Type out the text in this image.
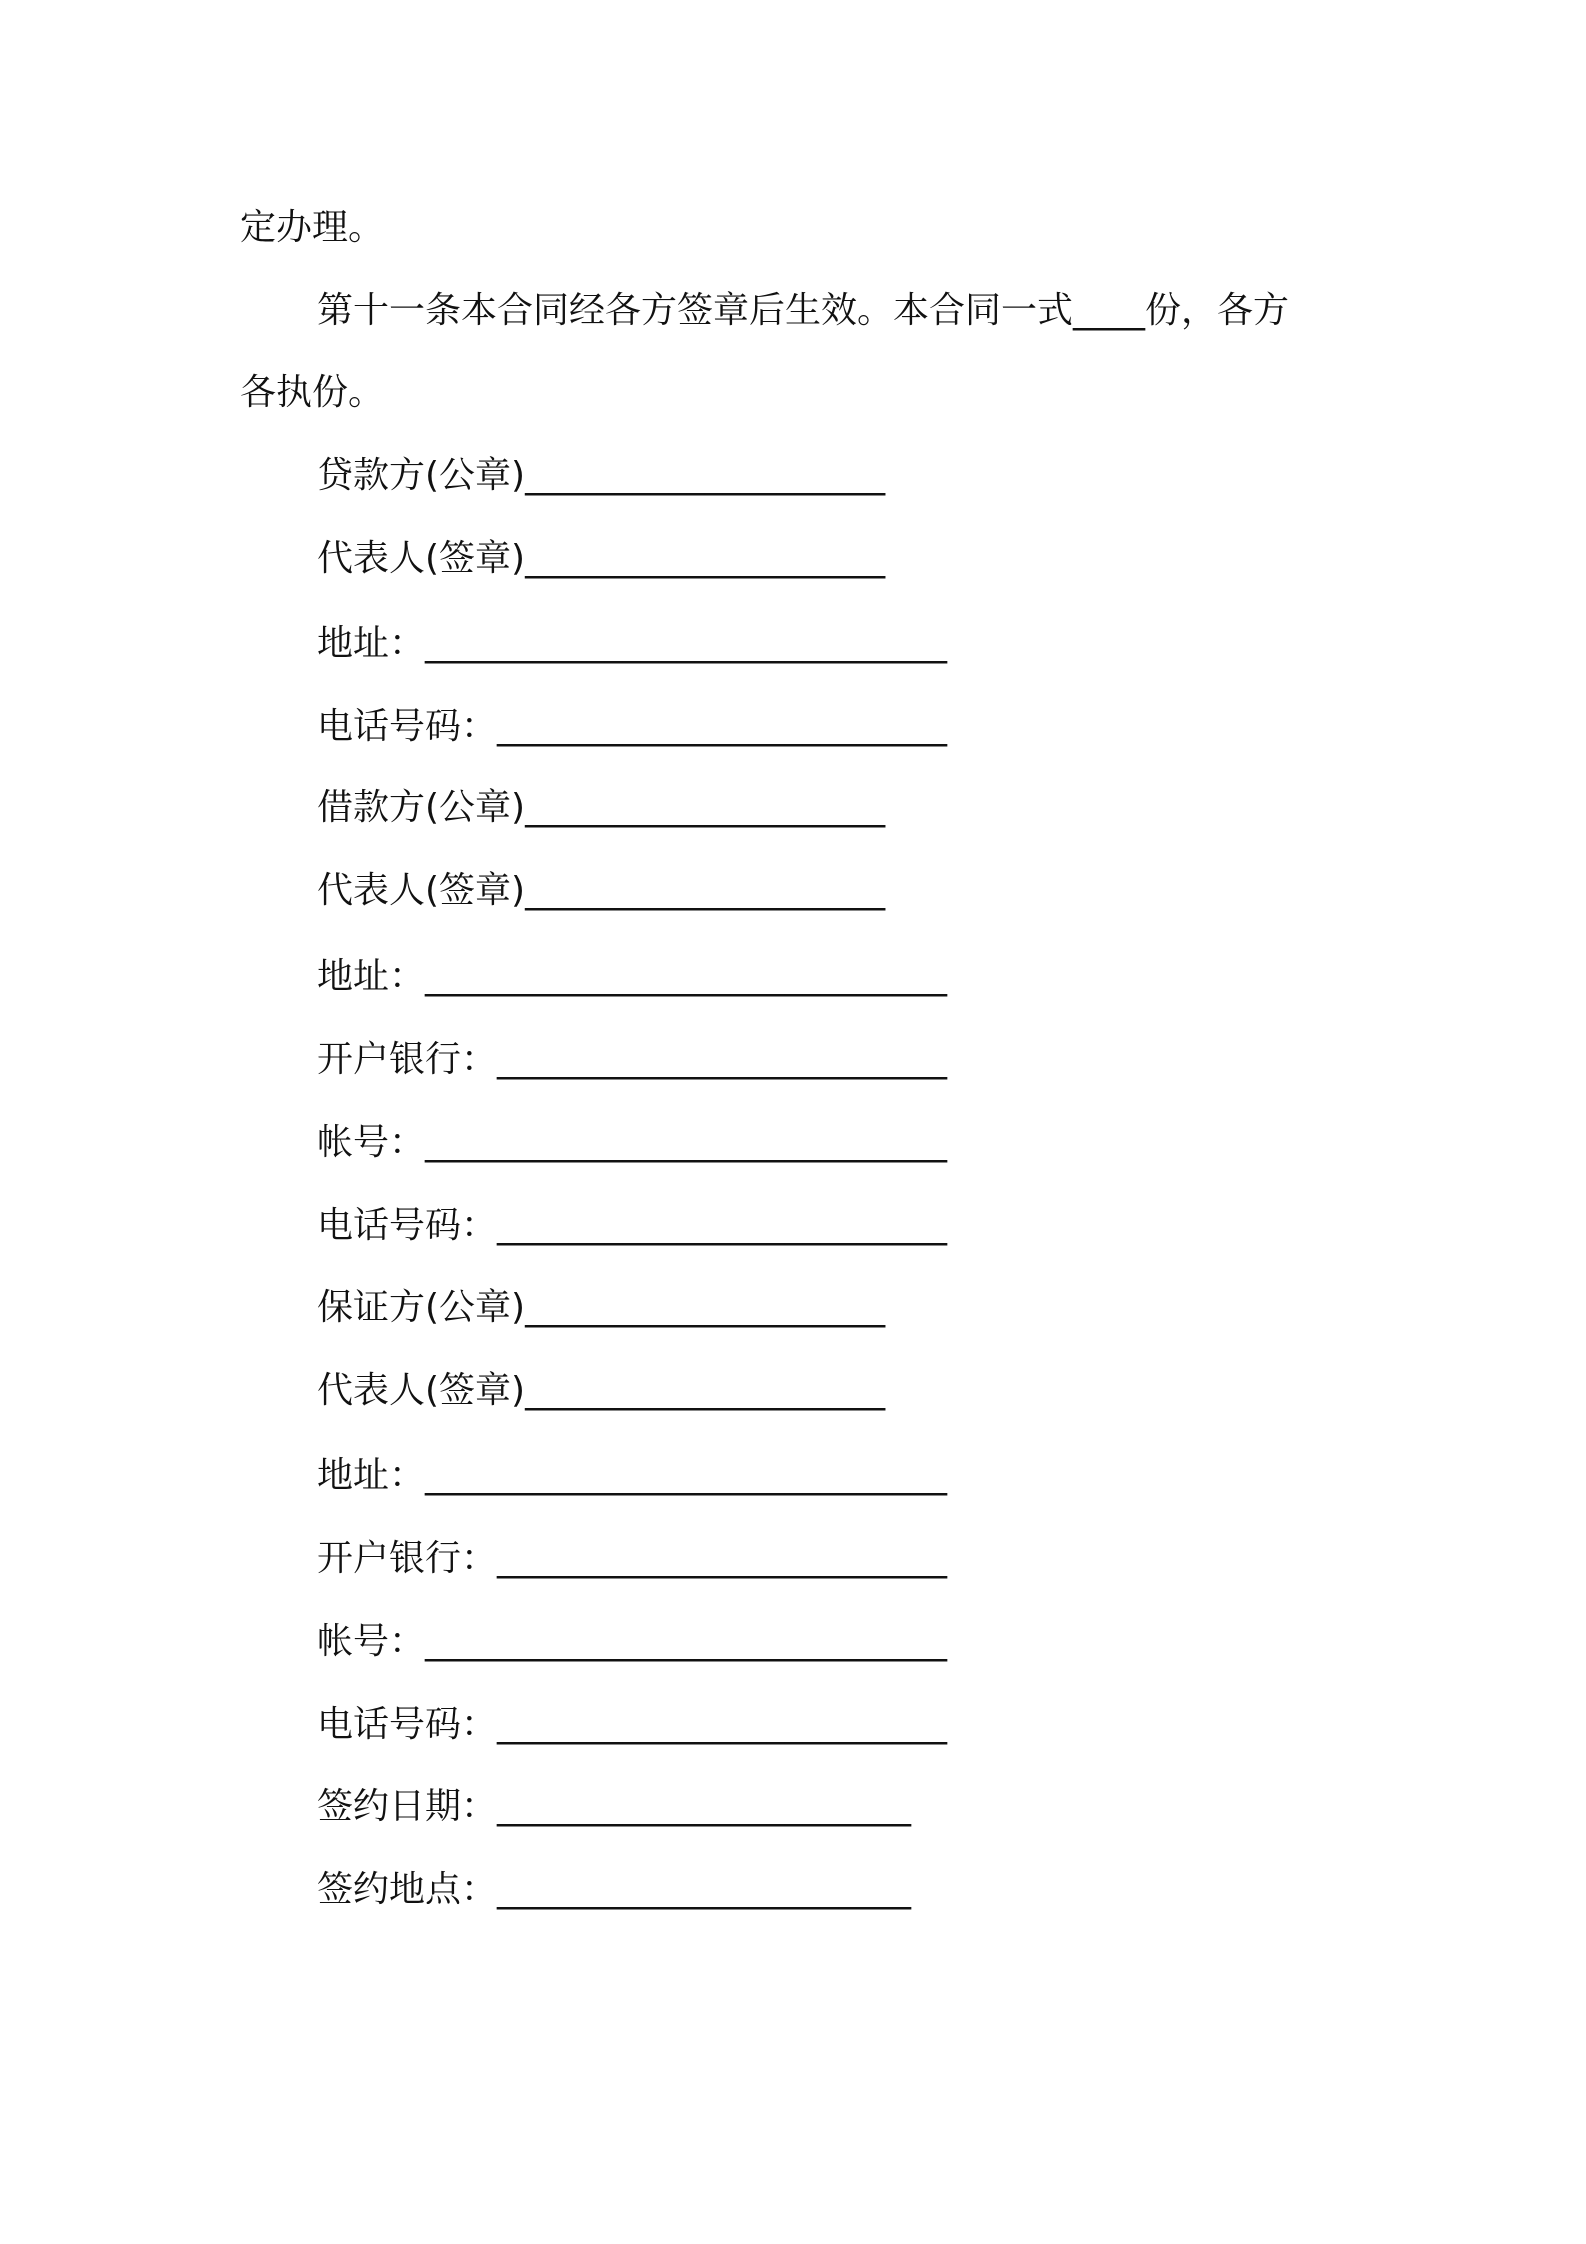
定办理。
第十一条本合同经各方签章后生效。本合同一式____份，各方
各执份。
贷款方(公章)____________________
代表人(签章)____________________
地址：_____________________________
电话号码：_________________________
借款方(公章)____________________
代表人(签章)____________________
地址：_____________________________
开户银行：_________________________
帐号：_____________________________
电话号码：_________________________
保证方(公章)____________________
代表人(签章)____________________
地址：_____________________________
开户银行：_________________________
帐号：_____________________________
电话号码：_________________________
签约日期：_______________________
签约地点：_______________________
